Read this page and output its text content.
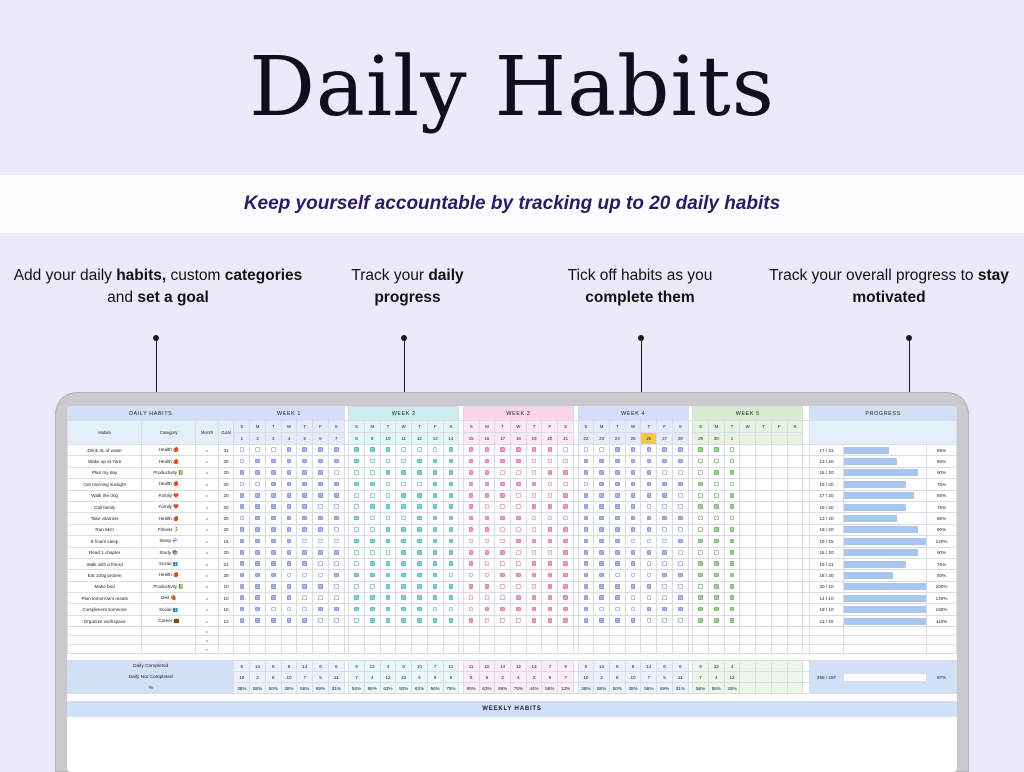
Daily Habits
Keep yourself accountable by tracking up to 20 daily habits
Add your daily habits, custom categories and set a goal
Track your daily progress
Tick off habits as you complete them
Track your overall progress to stay motivated
DAILY HABITS				WEEK 1								WEEK 2								WEEK 3								WEEK 4								WEEK 5								PROGRESS		
Habits	Category	Month	Goal	S	M	T	W	T	F	S		S	M	T	W	T	F	S		S	M	T	W	T	F	S		S	M	T	W	T	F	S		S	M	T	W	T	F	S				
				1	2	3	4	5	6	7		8	9	10	11	12	13	14		15	16	17	18	19	20	21		22	23	24	25	26	27	28		29	30	1								
Drink 3L of water	Health 🍎	=	31																																									17 / 31		55%
Wake up at 7am	Health 🍎	=	20																																									13 / 20		65%
Plan my day	Productivity 📗	=	20																																									18 / 20		90%
Get morning sunlight	Health 🍎	=	20																																									15 / 20		75%
Walk the dog	Family ❤️	=	20																																									17 / 20		85%
Call family	Family ❤️	=	20																																									15 / 20		75%
Take vitamins	Health 🍎	=	20																																									13 / 20		65%
Run 5km	Fitness 🏃	=	20																																									18 / 20		90%
8 hours sleep	Sleep 💤	=	15																																									18 / 15		120%
Read 1 chapter	Study 📚	=	20																																									18 / 20		90%
Walk with a friend	Social 👥	=	21																																									16 / 21		76%
Eat 100g protein	Health 🍎	=	30																																									18 / 30		60%
Make bed	Productivity 📗	=	10																																									20 / 10		200%
Plan tomorrow's meals	Diet 🍓	=	10																																									14 / 10		140%
Compliment someone	Social 👥	=	10																																									18 / 10		180%
Organize workspace	Career 💼	=	10																																									11 / 10		110%
		=																																												
		=																																												
		=																																												

Daily Completed				6	14	8	8	14	6	6		9	12	4	6	10	7	11		11	10	14	12	14	7	9		6	14	8	8	14	6	6		9	12	4						259 / 297		87%
Daily Not Completed				10	2	8	10	7	5	11		7	4	12	10	6	9	5		5	6	2	4	2	9	7		10	2	8	10	7	5	11		7	4	12								
%				38%	88%	50%	38%	56%	69%	31%		56%	88%	63%	50%	63%	56%	75%		69%	63%	88%	75%	44%	56%	13%		38%	88%	50%	38%	56%	69%	31%		56%	88%	25%								
WEEKLY HABITS
